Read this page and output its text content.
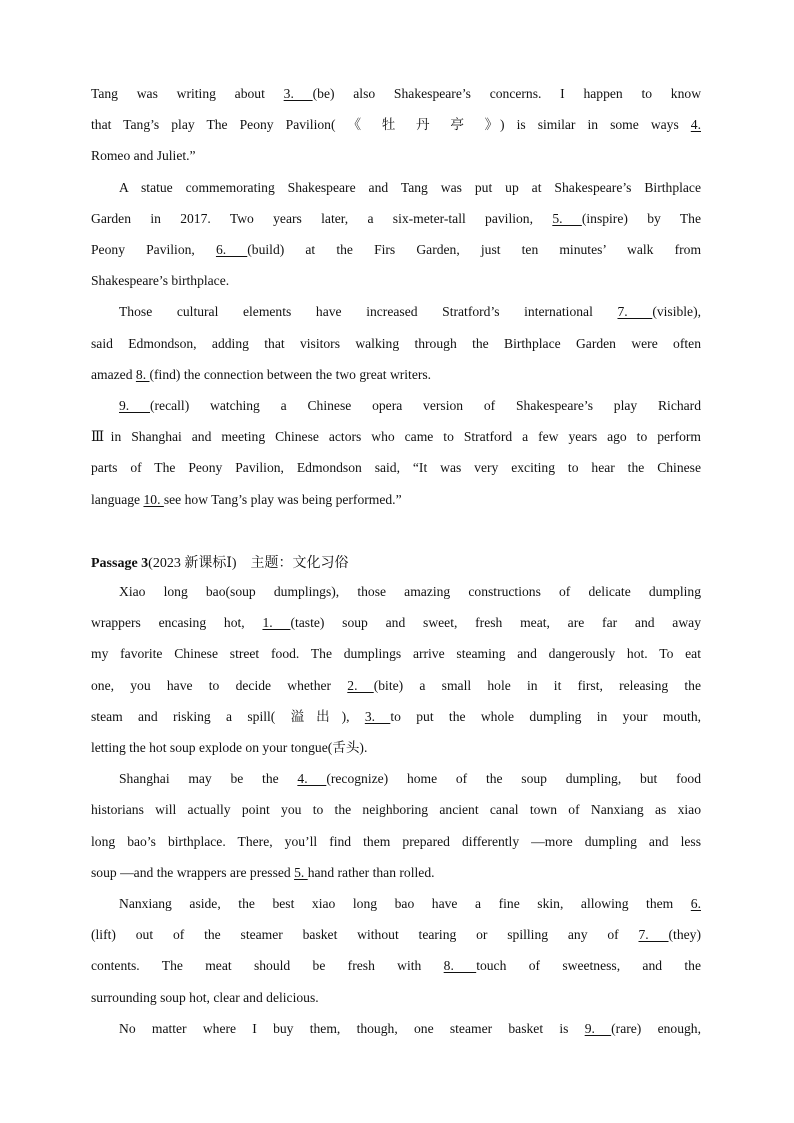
Tang was writing about 3. (be) also Shakespeare’s concerns. I happen to know
that Tang’s play The Peony Pavilion( 《 牡 丹 亭 》) is similar in some ways 4.
Romeo and Juliet.”
A statue commemorating Shakespeare and Tang was put up at Shakespeare’s Birthplace
Garden in 2017. Two years later, a six-meter-tall pavilion, 5. (inspire) by The
Peony Pavilion, 6. (build) at the Firs Garden, just ten minutes’ walk from
Shakespeare’s birthplace.
Those cultural elements have increased Stratford’s international 7. (visible),
said Edmondson, adding that visitors walking through the Birthplace Garden were often
amazed 8. (find) the connection between the two great writers.
9. (recall) watching a Chinese opera version of Shakespeare’s play Richard
Ⅲin Shanghai and meeting Chinese actors who came to Stratford a few years ago to perform
parts of The Peony Pavilion, Edmondson said, “It was very exciting to hear the Chinese
language 10. see how Tang’s play was being performed.”
Passage 3(2023 新课标Ⅰ) 主题：文化习俗
Xiao long bao(soup dumplings), those amazing constructions of delicate dumpling
wrappers encasing hot, 1. (taste) soup and sweet, fresh meat, are far and away
my favorite Chinese street food. The dumplings arrive steaming and dangerously hot. To eat
one, you have to decide whether 2. (bite) a small hole in it first, releasing the
steam and risking a spill( 溢出), 3. to put the whole dumpling in your mouth,
letting the hot soup explode on your tongue(舌头).
Shanghai may be the 4. (recognize) home of the soup dumpling, but food
historians will actually point you to the neighboring ancient canal town of Nanxiang as xiao
long bao’s birthplace. There, you’ll find them prepared differently —more dumpling and less
soup —and the wrappers are pressed 5. hand rather than rolled.
Nanxiang aside, the best xiao long bao have a fine skin, allowing them 6.
(lift) out of the steamer basket without tearing or spilling any of 7. (they)
contents. The meat should be fresh with 8. touch of sweetness, and the
surrounding soup hot, clear and delicious.
No matter where I buy them, though, one steamer basket is 9. (rare) enough,
